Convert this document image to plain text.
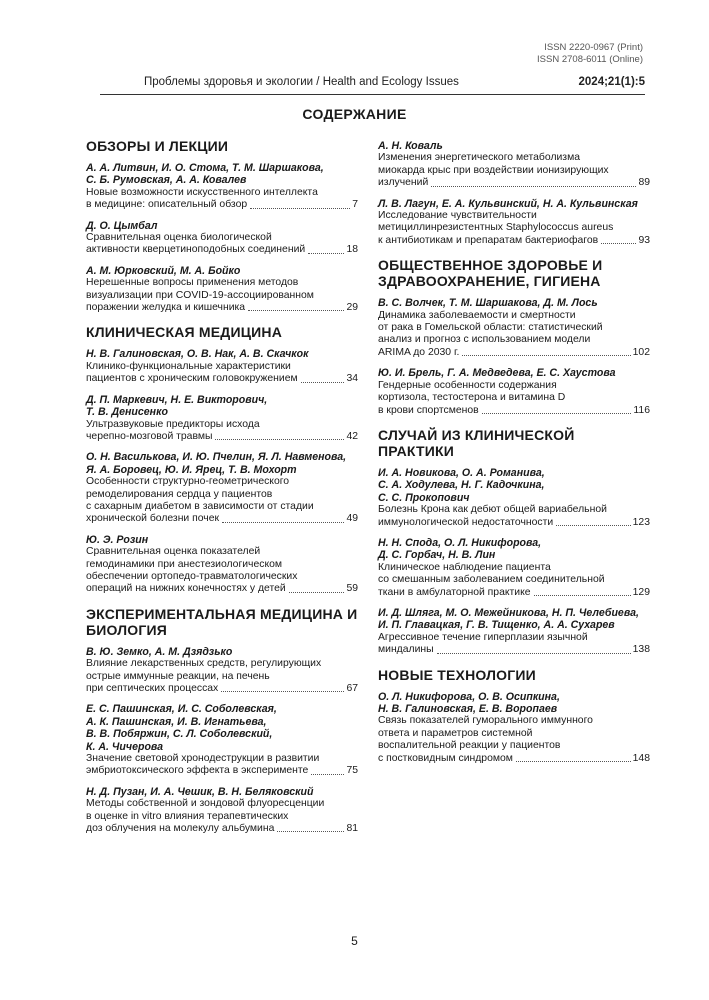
ISSN 2220-0967 (Print)
ISSN 2708-6011 (Online)
Проблемы здоровья и экологии / Health and Ecology Issues	2024;21(1):5
СОДЕРЖАНИЕ
ОБЗОРЫ И ЛЕКЦИИ
А. А. Литвин, И. О. Стома, Т. М. Шаршакова,
С. Б. Румовская, А. А. Ковалев
Новые возможности искусственного интеллекта
в медицине: описательный обзор	7
Д. О. Цымбал
Сравнительная оценка биологической
активности кверцетиноподобных соединений	18
А. М. Юрковский, М. А. Бойко
Нерешенные вопросы применения методов
визуализации при COVID-19-ассоциированном
поражении желудка и кишечника	29
КЛИНИЧЕСКАЯ МЕДИЦИНА
Н. В. Галиновская, О. В. Нак, А. В. Скачкок
Клинико-функциональные характеристики
пациентов с хроническим головокружением	34
Д. П. Маркевич, Н. Е. Викторович,
Т. В. Денисенко
Ультразвуковые предикторы исхода
черепно-мозговой травмы	42
О. Н. Василькова, И. Ю. Пчелин, Я. Л. Навменова,
Я. А. Боровец, Ю. И. Ярец, Т. В. Мохорт
Особенности структурно-геометрического
ремоделирования сердца у пациентов
с сахарным диабетом в зависимости от стадии
хронической болезни почек	49
Ю. Э. Розин
Сравнительная оценка показателей
гемодинамики при анестезиологическом
обеспечении ортопедо-травматологических
операций на нижних конечностях у детей	59
ЭКСПЕРИМЕНТАЛЬНАЯ МЕДИЦИНА И БИОЛОГИЯ
В. Ю. Земко, А. М. Дзядзько
Влияние лекарственных средств, регулирующих
острые иммунные реакции, на печень
при септических процессах	67
Е. С. Пашинская, И. С. Соболевская,
А. К. Пашинская, И. В. Игнатьева,
В. В. Побяржин, С. Л. Соболевский,
К. А. Чичерова
Значение световой хронодеструкции в развитии
эмбриотоксического эффекта в эксперименте	75
Н. Д. Пузан, И. А. Чешик, В. Н. Беляковский
Методы собственной и зондовой флуоресценции
в оценке in vitro влияния терапевтических
доз облучения на молекулу альбумина	81
А. Н. Коваль
Изменения энергетического метаболизма
миокарда крыс при воздействии ионизирующих
излучений	89
Л. В. Лагун, Е. А. Кульвинский, Н. А. Кульвинская
Исследование чувствительности
метициллинрезистентных Staphylococcus aureus
к антибиотикам и препаратам бактериофагов	93
ОБЩЕСТВЕННОЕ ЗДОРОВЬЕ И ЗДРАВООХРАНЕНИЕ, ГИГИЕНА
В. С. Волчек, Т. М. Шаршакова, Д. М. Лось
Динамика заболеваемости и смертности
от рака в Гомельской области: статистический
анализ и прогноз с использованием модели
ARIMA до 2030 г.	102
Ю. И. Брель, Г. А. Медведева, Е. С. Хаустова
Гендерные особенности содержания
кортизола, тестостерона и витамина D
в крови спортсменов	116
СЛУЧАЙ ИЗ КЛИНИЧЕСКОЙ ПРАКТИКИ
И. А. Новикова, О. А. Романива,
С. А. Ходулева, Н. Г. Кадочкина,
С. С. Прокопович
Болезнь Крона как дебют общей вариабельной
иммунологической недостаточности	123
Н. Н. Спода, О. Л. Никифорова,
Д. С. Горбач, Н. В. Лин
Клиническое наблюдение пациента
со смешанным заболеванием соединительной
ткани в амбулаторной практике	129
И. Д. Шляга, М. О. Межейникова, Н. П. Челебиева,
И. П. Главацкая, Г. В. Тищенко, А. А. Сухарев
Агрессивное течение гиперплазии язычной
миндалины	138
НОВЫЕ ТЕХНОЛОГИИ
О. Л. Никифорова, О. В. Осипкина,
Н. В. Галиновская, Е. В. Воропаев
Связь показателей гуморального иммунного
ответа и параметров системной
воспалительной реакции у пациентов
с постковидным синдромом	148
5
